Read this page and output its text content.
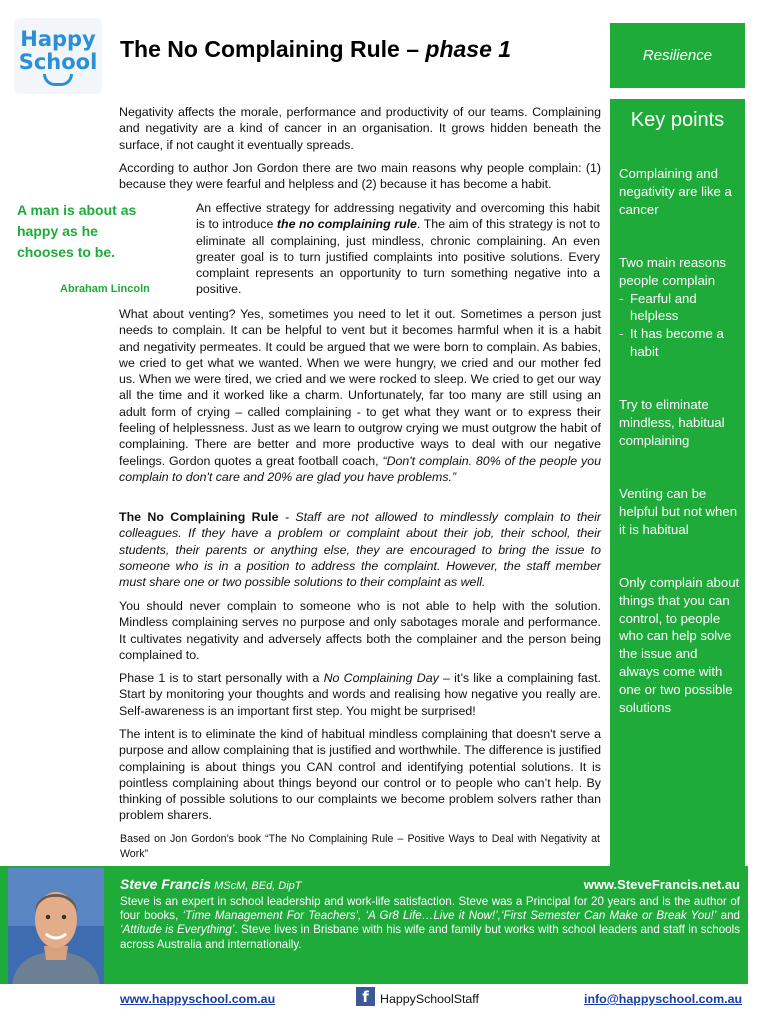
Happy
School The No Complaining Rule – phase 1	Resilience
Key points
Complaining and negativity are like a cancer
Two main reasons people complain
- Fearful and helpless
- It has become a habit
Try to eliminate mindless, habitual complaining
Venting can be helpful but not when it is habitual
Only complain about things that you can control, to people who can help solve the issue and always come with one or two possible solutions
A man is about as happy as he chooses to be.
Abraham Lincoln
Negativity affects the morale, performance and productivity of our teams. Complaining and negativity are a kind of cancer in an organisation. It grows hidden beneath the surface, if not caught it eventually spreads.
According to author Jon Gordon there are two main reasons why people complain: (1) because they were fearful and helpless and (2) because it has become a habit.
An effective strategy for addressing negativity and overcoming this habit is to introduce the no complaining rule. The aim of this strategy is not to eliminate all complaining, just mindless, chronic complaining. An even greater goal is to turn justified complaints into positive solutions. Every complaint represents an opportunity to turn something negative into a positive.
What about venting? Yes, sometimes you need to let it out. Sometimes a person just needs to complain. It can be helpful to vent but it becomes harmful when it is a habit and negativity permeates. It could be argued that we were born to complain. As babies, we cried to get what we wanted. When we were hungry, we cried and our mother fed us. When we were tired, we cried and we were rocked to sleep. We cried to get our way all the time and it worked like a charm. Unfortunately, far too many are still using an adult form of crying – called complaining - to get what they want or to express their feeling of helplessness. Just as we learn to outgrow crying we must outgrow the habit of complaining. There are better and more productive ways to deal with our negative feelings. Gordon quotes a great football coach, “Don't complain. 80% of the people you complain to don't care and 20% are glad you have problems.”
The No Complaining Rule - Staff are not allowed to mindlessly complain to their colleagues. If they have a problem or complaint about their job, their school, their students, their parents or anything else, they are encouraged to bring the issue to someone who is in a position to address the complaint. However, the staff member must share one or two possible solutions to their complaint as well.
You should never complain to someone who is not able to help with the solution. Mindless complaining serves no purpose and only sabotages morale and performance. It cultivates negativity and adversely affects both the complainer and the person being complained to.
Phase 1 is to start personally with a No Complaining Day – it’s like a complaining fast. Start by monitoring your thoughts and words and realising how negative you really are. Self-awareness is an important first step. You might be surprised!
The intent is to eliminate the kind of habitual mindless complaining that doesn't serve a purpose and allow complaining that is justified and worthwhile. The difference is justified complaining is about things you CAN control and identifying potential solutions. It is pointless complaining about things beyond our control or to people who can’t help. By thinking of possible solutions to our complaints we become problem solvers rather than problem sharers.
Based on Jon Gordon’s book “The No Complaining Rule – Positive Ways to Deal with Negativity at Work”
Steve Francis MScM, BEd, DipT	www.SteveFrancis.net.au
Steve is an expert in school leadership and work-life satisfaction. Steve was a Principal for 20 years and is the author of four books, ‘Time Management For Teachers’, ‘A Gr8 Life…Live it Now!’,‘First Semester Can Make or Break You!’ and ‘Attitude is Everything’. Steve lives in Brisbane with his wife and family but works with school leaders and staff in schools across Australia and internationally.
www.happyschool.com.au	f HappySchoolStaff	info@happyschool.com.au
